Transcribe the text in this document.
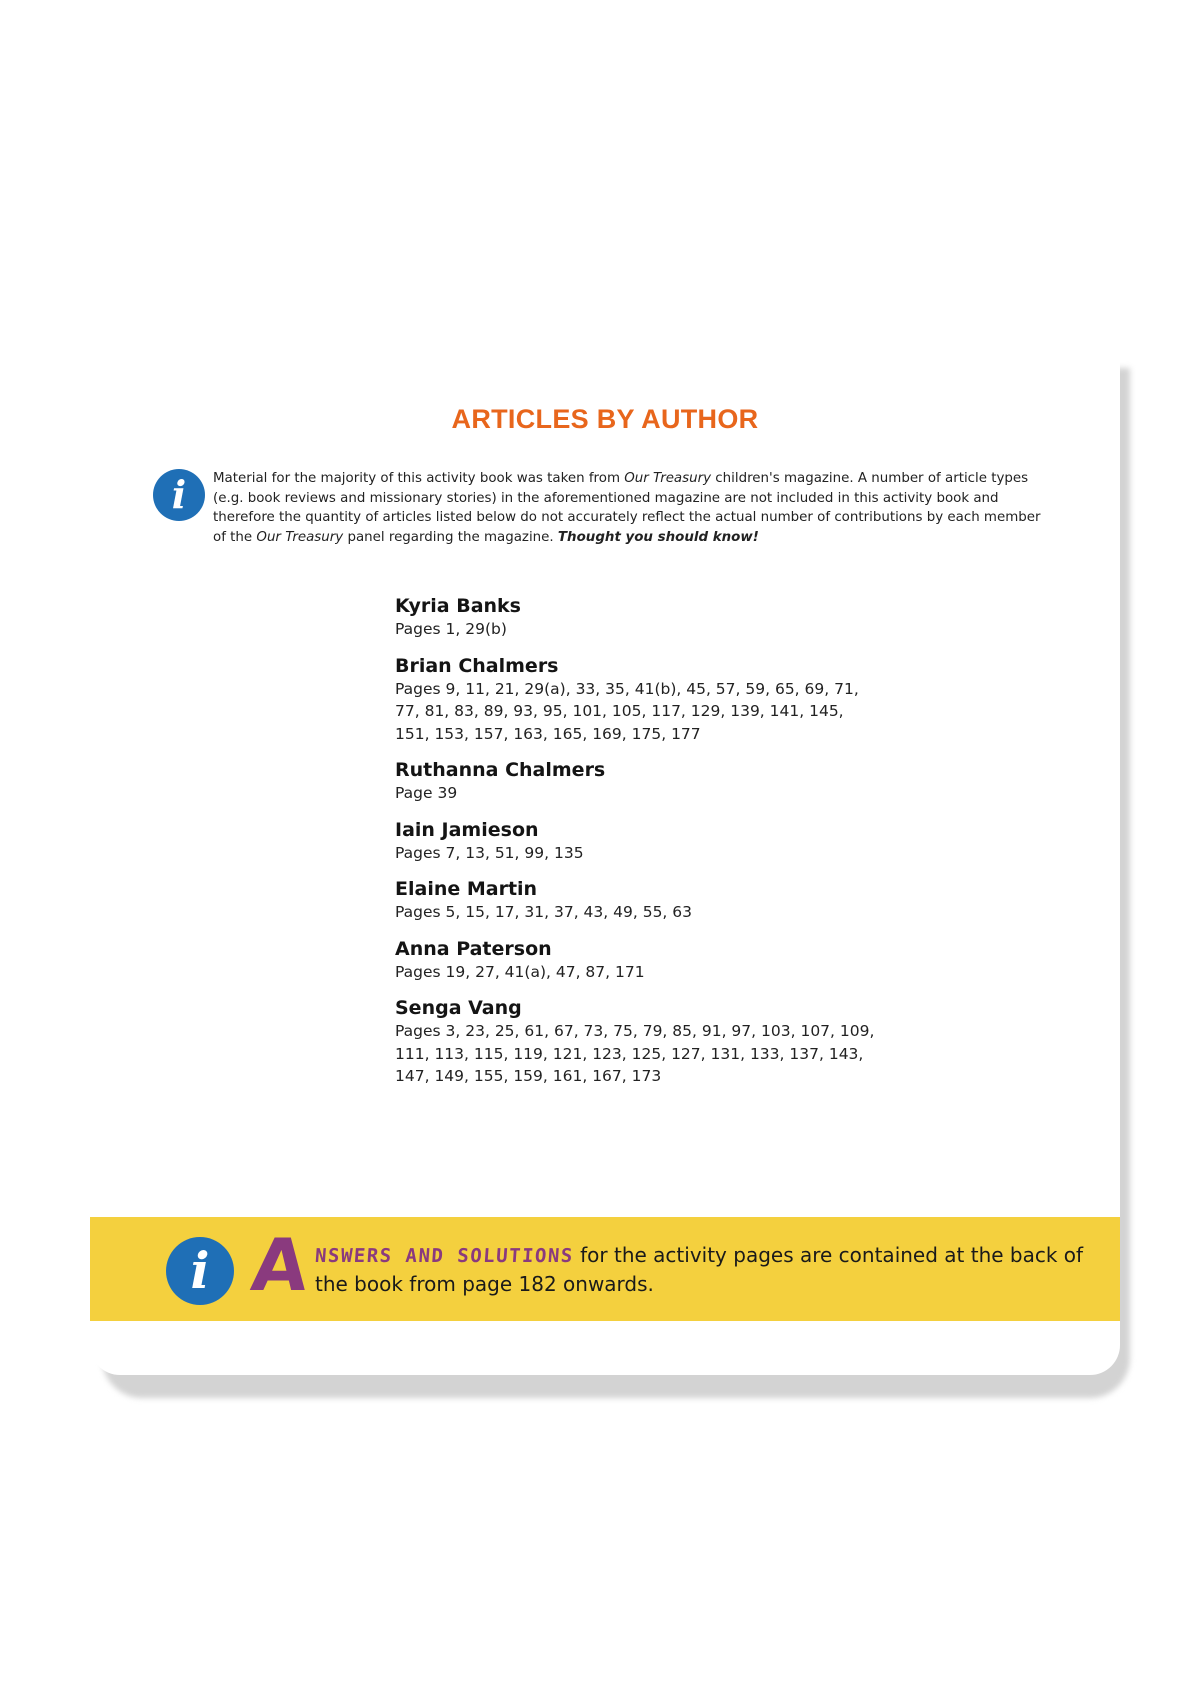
ARTICLES BY AUTHOR
i Material for the majority of this activity book was taken from Our Treasury children's magazine. A number of article types (e.g. book reviews and missionary stories) in the aforementioned magazine are not included in this activity book and therefore the quantity of articles listed below do not accurately reflect the actual number of contributions by each member of the Our Treasury panel regarding the magazine. Thought you should know!
Kyria Banks
Pages 1, 29(b)
Brian Chalmers
Pages 9, 11, 21, 29(a), 33, 35, 41(b), 45, 57, 59, 65, 69, 71, 77, 81, 83, 89, 93, 95, 101, 105, 117, 129, 139, 141, 145, 151, 153, 157, 163, 165, 169, 175, 177
Ruthanna Chalmers
Page 39
Iain Jamieson
Pages 7, 13, 51, 99, 135
Elaine Martin
Pages 5, 15, 17, 31, 37, 43, 49, 55, 63
Anna Paterson
Pages 19, 27, 41(a), 47, 87, 171
Senga Vang
Pages 3, 23, 25, 61, 67, 73, 75, 79, 85, 91, 97, 103, 107, 109, 111, 113, 115, 119, 121, 123, 125, 127, 131, 133, 137, 143, 147, 149, 155, 159, 161, 167, 173
i A NSWERS AND SOLUTIONS for the activity pages are contained at the back of the book from page 182 onwards.
